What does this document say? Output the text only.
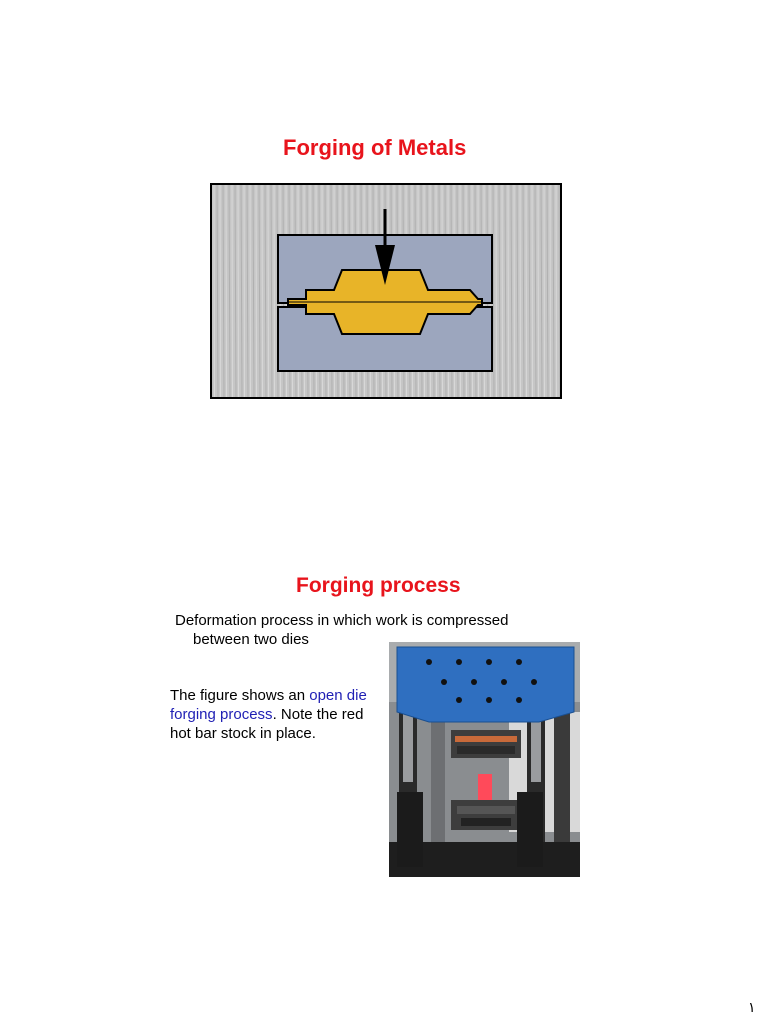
Forging of Metals
Forging process
Deformation process in which work is compressed
between two dies
The figure shows an open die forging process. Note the red hot bar stock in place.
١
